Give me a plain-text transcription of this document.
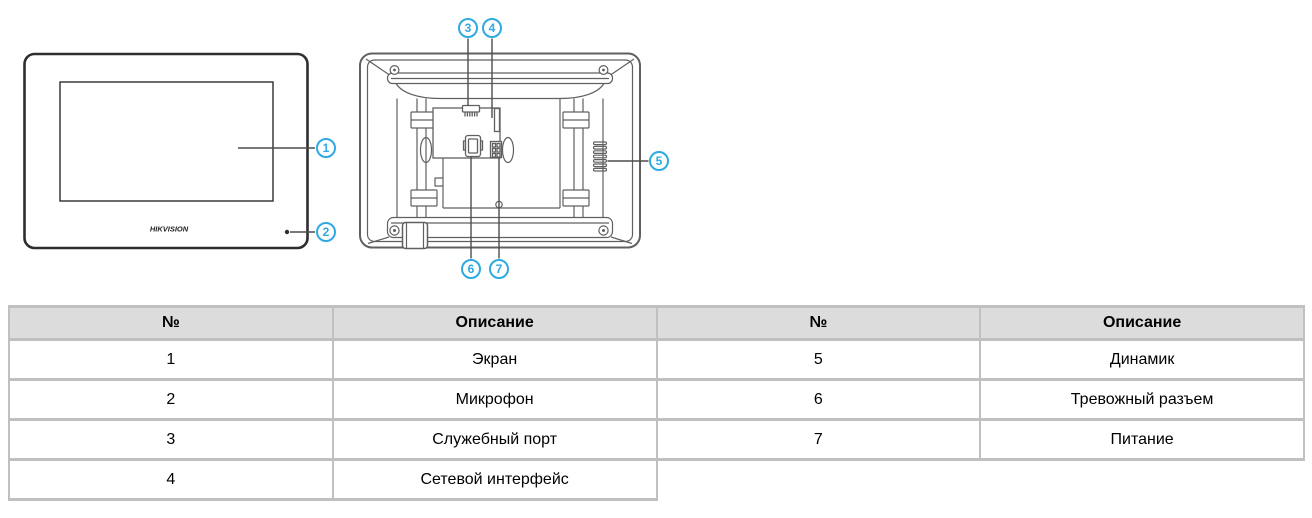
HIKVISION
1
2
3	4
5
6	7
№	Описание	№	Описание
1	Экран	5	Динамик
2	Микрофон	6	Тревожный разъем
3	Служебный порт	7	Питание
4	Сетевой интерфейс		
